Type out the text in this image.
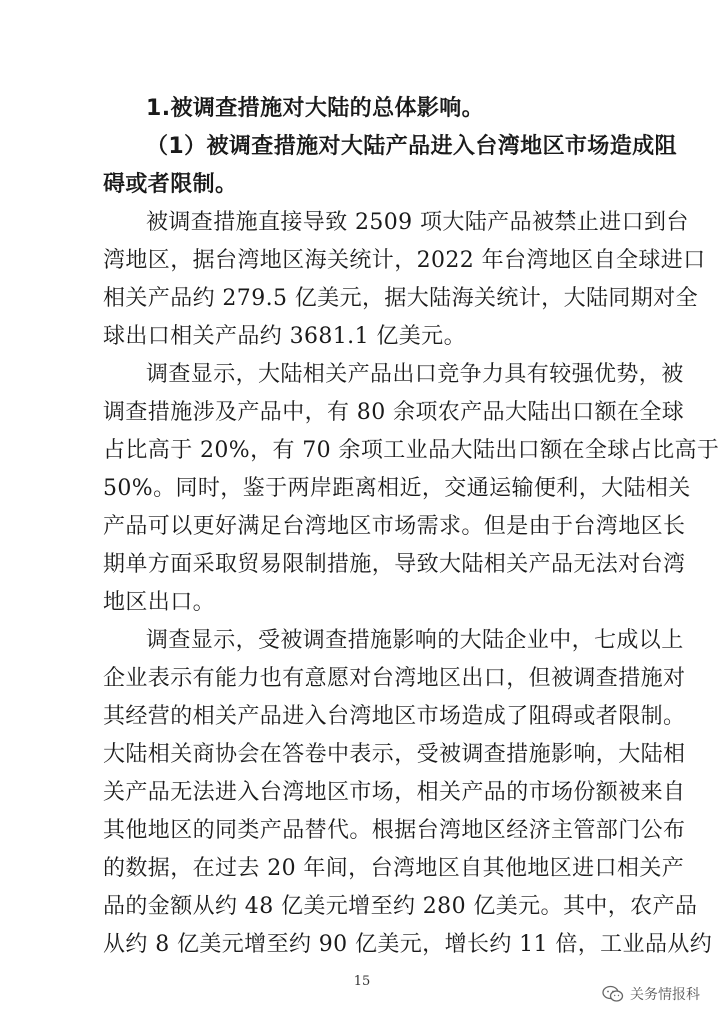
1.被调查措施对大陆的总体影响。
（1）被调查措施对大陆产品进入台湾地区市场造成阻
碍或者限制。
被调查措施直接导致 2509 项大陆产品被禁止进口到台
湾地区，据台湾地区海关统计，2022 年台湾地区自全球进口
相关产品约 279.5 亿美元，据大陆海关统计，大陆同期对全
球出口相关产品约 3681.1 亿美元。
调查显示，大陆相关产品出口竞争力具有较强优势，被
调查措施涉及产品中，有 80 余项农产品大陆出口额在全球
占比高于 20%，有 70 余项工业品大陆出口额在全球占比高于
50%。同时，鉴于两岸距离相近，交通运输便利，大陆相关
产品可以更好满足台湾地区市场需求。但是由于台湾地区长
期单方面采取贸易限制措施，导致大陆相关产品无法对台湾
地区出口。
调查显示，受被调查措施影响的大陆企业中，七成以上
企业表示有能力也有意愿对台湾地区出口，但被调查措施对
其经营的相关产品进入台湾地区市场造成了阻碍或者限制。
大陆相关商协会在答卷中表示，受被调查措施影响，大陆相
关产品无法进入台湾地区市场，相关产品的市场份额被来自
其他地区的同类产品替代。根据台湾地区经济主管部门公布
的数据，在过去 20 年间，台湾地区自其他地区进口相关产
品的金额从约 48 亿美元增至约 280 亿美元。其中，农产品
从约 8 亿美元增至约 90 亿美元，增长约 11 倍，工业品从约
15
关务情报科
